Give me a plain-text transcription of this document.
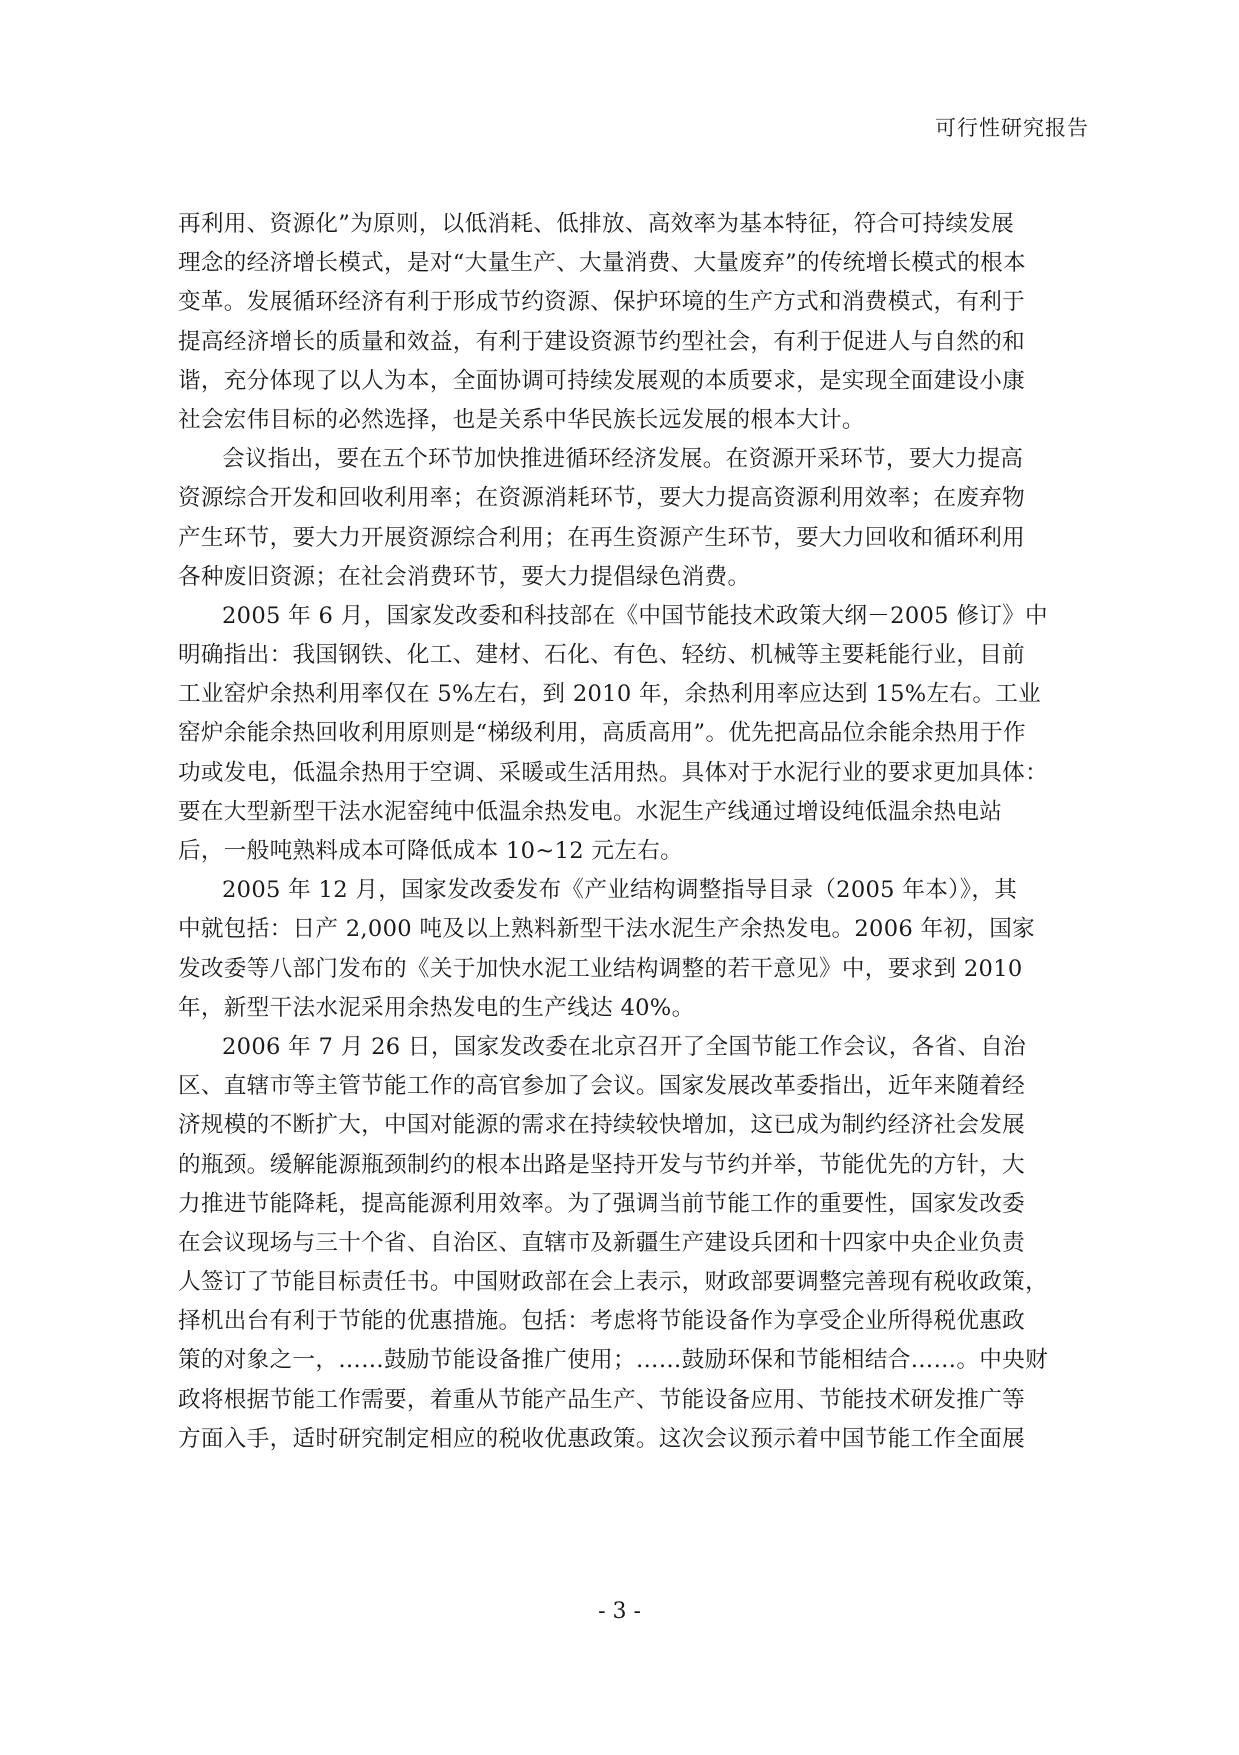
可行性研究报告
再利用、资源化”为原则，以低消耗、低排放、高效率为基本特征，符合可持续发展
理念的经济增长模式，是对“大量生产、大量消费、大量废弃”的传统增长模式的根本
变革。发展循环经济有利于形成节约资源、保护环境的生产方式和消费模式，有利于
提高经济增长的质量和效益，有利于建设资源节约型社会，有利于促进人与自然的和
谐，充分体现了以人为本，全面协调可持续发展观的本质要求，是实现全面建设小康
社会宏伟目标的必然选择，也是关系中华民族长远发展的根本大计。
会议指出，要在五个环节加快推进循环经济发展。在资源开采环节，要大力提高
资源综合开发和回收利用率；在资源消耗环节，要大力提高资源利用效率；在废弃物
产生环节，要大力开展资源综合利用；在再生资源产生环节，要大力回收和循环利用
各种废旧资源；在社会消费环节，要大力提倡绿色消费。
2005 年 6 月，国家发改委和科技部在《中国节能技术政策大纲－2005 修订》中
明确指出：我国钢铁、化工、建材、石化、有色、轻纺、机械等主要耗能行业，目前
工业窑炉余热利用率仅在 5%左右，到 2010 年，余热利用率应达到 15%左右。工业
窑炉余能余热回收利用原则是“梯级利用，高质高用”。优先把高品位余能余热用于作
功或发电，低温余热用于空调、采暖或生活用热。具体对于水泥行业的要求更加具体：
要在大型新型干法水泥窑纯中低温余热发电。水泥生产线通过增设纯低温余热电站
后，一般吨熟料成本可降低成本 10~12 元左右。
2005 年 12 月，国家发改委发布《产业结构调整指导目录（2005 年本）》，其
中就包括：日产 2,000 吨及以上熟料新型干法水泥生产余热发电。2006 年初，国家
发改委等八部门发布的《关于加快水泥工业结构调整的若干意见》中，要求到 2010
年，新型干法水泥采用余热发电的生产线达 40%。
2006 年 7 月 26 日，国家发改委在北京召开了全国节能工作会议，各省、自治
区、直辖市等主管节能工作的高官参加了会议。国家发展改革委指出，近年来随着经
济规模的不断扩大，中国对能源的需求在持续较快增加，这已成为制约经济社会发展
的瓶颈。缓解能源瓶颈制约的根本出路是坚持开发与节约并举，节能优先的方针，大
力推进节能降耗，提高能源利用效率。为了强调当前节能工作的重要性，国家发改委
在会议现场与三十个省、自治区、直辖市及新疆生产建设兵团和十四家中央企业负责
人签订了节能目标责任书。中国财政部在会上表示，财政部要调整完善现有税收政策，
择机出台有利于节能的优惠措施。包括：考虑将节能设备作为享受企业所得税优惠政
策的对象之一，……鼓励节能设备推广使用；……鼓励环保和节能相结合……。中央财
政将根据节能工作需要，着重从节能产品生产、节能设备应用、节能技术研发推广等
方面入手，适时研究制定相应的税收优惠政策。这次会议预示着中国节能工作全面展
- 3 -
